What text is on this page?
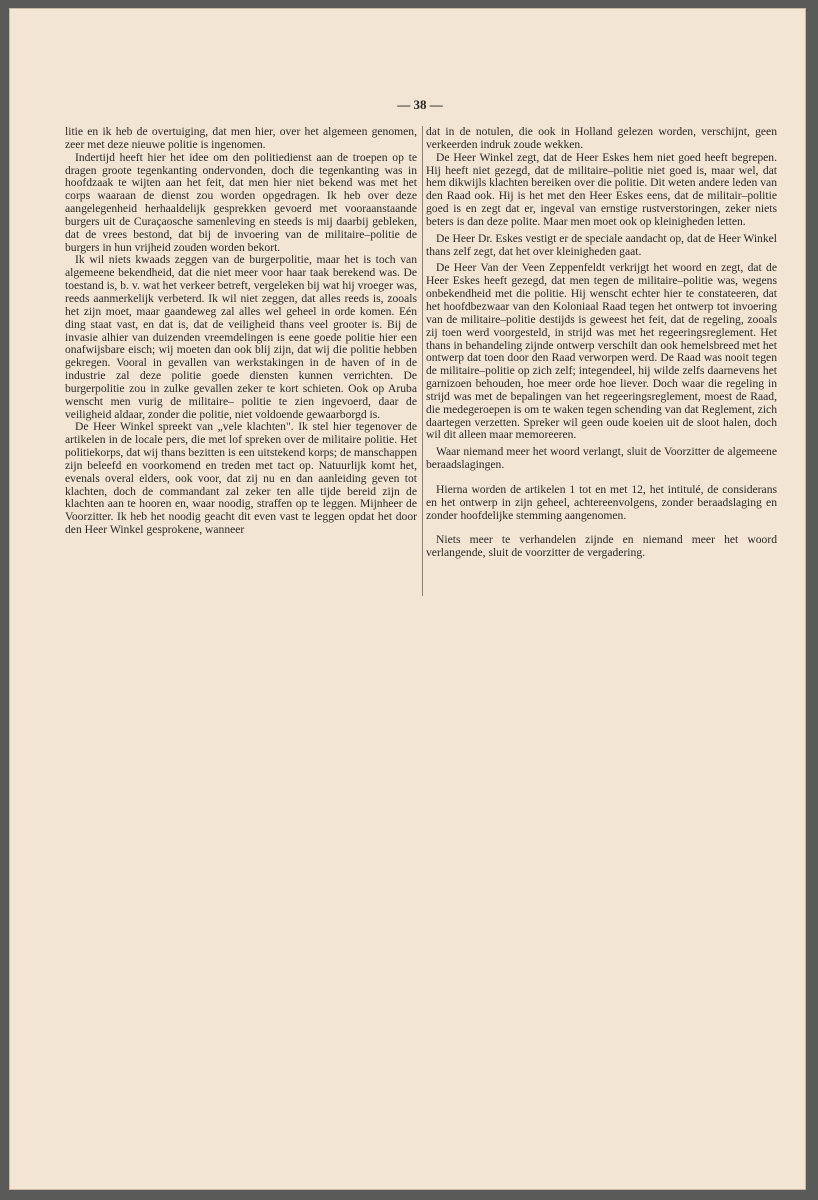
— 38 —

litie en ik heb de overtuiging, dat men hier, over het algemeen genomen, zeer met deze nieuwe politie is ingenomen.

Indertijd heeft hier het idee om den politiedienst aan de troepen op te dragen groote tegenkanting ondervonden, doch die tegenkanting was in hoofdzaak te wijten aan het feit, dat men hier niet bekend was met het corps waaraan de dienst zou worden opgedragen. Ik heb over deze aangelegenheid herhaaldelijk gesprekken gevoerd met vooraanstaande burgers uit de Curaçaosche samenleving en steeds is mij daarbij gebleken, dat de vrees bestond, dat bij de invoering van de militaire–politie de burgers in hun vrijheid zouden worden bekort.

Ik wil niets kwaads zeggen van de burgerpolitie, maar het is toch van algemeene bekendheid, dat die niet meer voor haar taak berekend was. De toestand is, b. v. wat het verkeer betreft, vergeleken bij wat hij vroeger was, reeds aanmerkelijk verbeterd. Ik wil niet zeggen, dat alles reeds is, zooals het zijn moet, maar gaandeweg zal alles wel geheel in orde komen. Eén ding staat vast, en dat is, dat de veiligheid thans veel grooter is. Bij de invasie alhier van duizenden vreemdelingen is eene goede politie hier een onafwijsbare eisch; wij moeten dan ook blij zijn, dat wij die politie hebben gekregen. Vooral in gevallen van werkstakingen in de haven of in de industrie zal deze politie goede diensten kunnen verrichten. De burgerpolitie zou in zulke gevallen zeker te kort schieten. Ook op Aruba wenscht men vurig de militaire– politie te zien ingevoerd, daar de veiligheid aldaar, zonder die politie, niet voldoende gewaarborgd is.

De Heer Winkel spreekt van „vele klachten". Ik stel hier tegenover de artikelen in de locale pers, die met lof spreken over de militaire politie. Het politiekorps, dat wij thans bezitten is een uitstekend korps; de manschappen zijn beleefd en voorkomend en treden met tact op. Natuurlijk komt het, evenals overal elders, ook voor, dat zij nu en dan aanleiding geven tot klachten, doch de commandant zal zeker ten alle tijde bereid zijn de klachten aan te hooren en, waar noodig, straffen op te leggen. Mijnheer de Voorzitter. Ik heb het noodig geacht dit even vast te leggen opdat het door den Heer Winkel gesprokene, wanneer

dat in de notulen, die ook in Holland gelezen worden, verschijnt, geen verkeerden indruk zoude wekken.

De Heer Winkel zegt, dat de Heer Eskes hem niet goed heeft begrepen. Hij heeft niet gezegd, dat de militaire–politie niet goed is, maar wel, dat hem dikwijls klachten bereiken over die politie. Dit weten andere leden van den Raad ook. Hij is het met den Heer Eskes eens, dat de militair–politie goed is en zegt dat er, ingeval van ernstige rustverstoringen, zeker niets beters is dan deze polite. Maar men moet ook op kleinigheden letten.

De Heer Dr. Eskes vestigt er de speciale aandacht op, dat de Heer Winkel thans zelf zegt, dat het over kleinigheden gaat.

De Heer Van der Veen Zeppenfeldt verkrijgt het woord en zegt, dat de Heer Eskes heeft gezegd, dat men tegen de militaire–politie was, wegens onbekendheid met die politie. Hij wenscht echter hier te constateeren, dat het hoofdbezwaar van den Koloniaal Raad tegen het ontwerp tot invoering van de militaire–politie destijds is geweest het feit, dat de regeling, zooals zij toen werd voorgesteld, in strijd was met het regeeringsreglement. Het thans in behandeling zijnde ontwerp verschilt dan ook hemelsbreed met het ontwerp dat toen door den Raad verworpen werd. De Raad was nooit tegen de militaire–politie op zich zelf; integendeel, hij wilde zelfs daarnevens het garnizoen behouden, hoe meer orde hoe liever. Doch waar die regeling in strijd was met de bepalingen van het regeeringsreglement, moest de Raad, die medegeroepen is om te waken tegen schending van dat Reglement, zich daartegen verzetten. Spreker wil geen oude koeien uit de sloot halen, doch wil dit alleen maar memoreeren.

Waar niemand meer het woord verlangt, sluit de Voorzitter de algemeene beraadslagingen.

Hierna worden de artikelen 1 tot en met 12, het intitulé, de considerans en het ontwerp in zijn geheel, achtereenvolgens, zonder beraadslaging en zonder hoofdelijke stemming aangenomen.

Niets meer te verhandelen zijnde en niemand meer het woord verlangende, sluit de voorzitter de vergadering.
